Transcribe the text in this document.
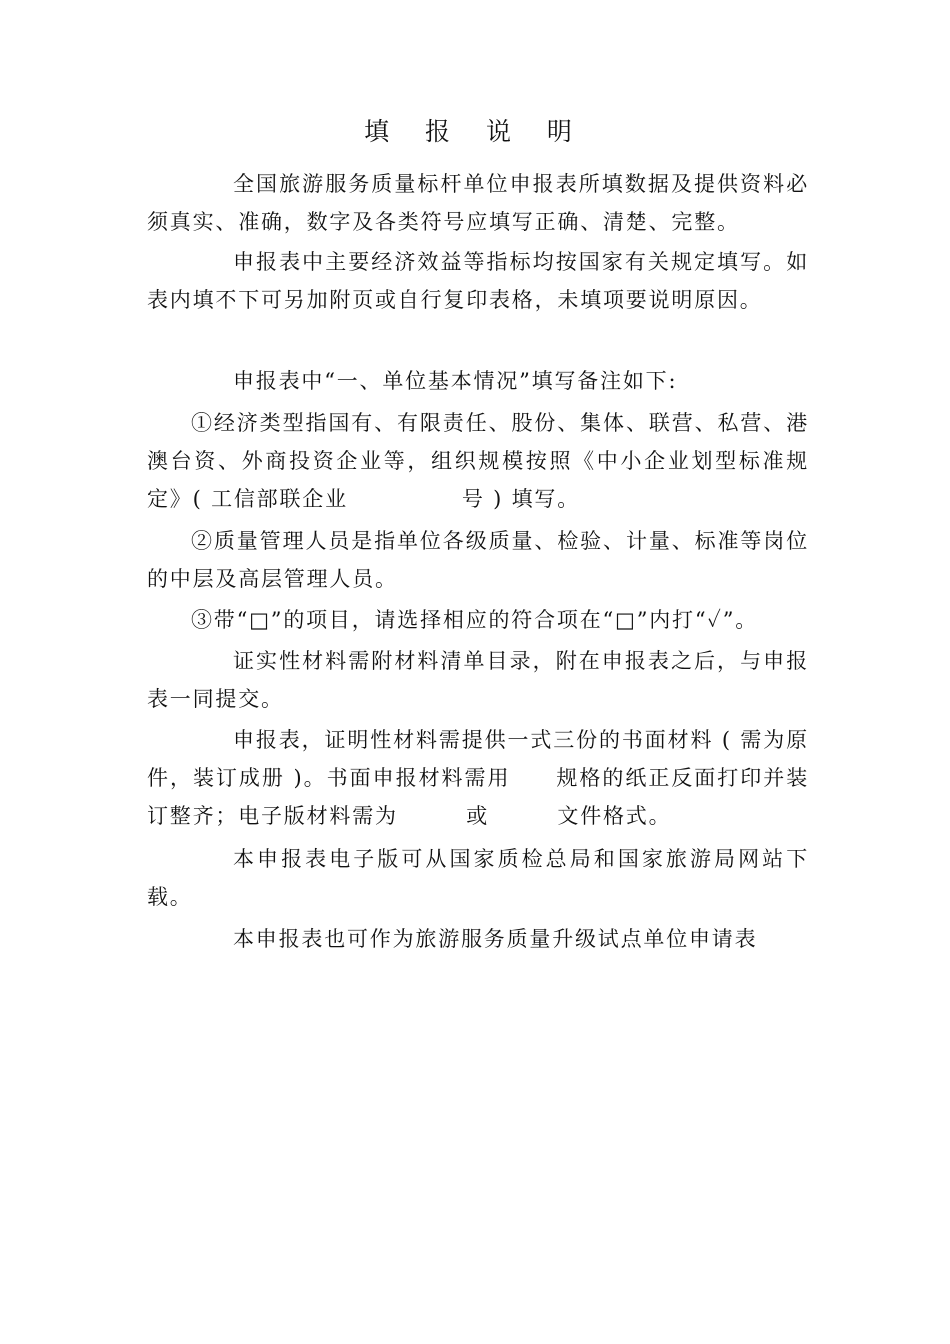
填 报 说 明

全国旅游服务质量标杆单位申报表所填数据及提供资料必须真实、准确，数字及各类符号应填写正确、清楚、完整。

申报表中主要经济效益等指标均按国家有关规定填写。如表内填不下可另加附页或自行复印表格，未填项要说明原因。

申报表中“一、单位基本情况”填写备注如下:

①经济类型指国有、有限责任、股份、集体、联营、私营、港澳台资、外商投资企业等，组织规模按照《中小企业划型标准规定》( 工信部联企业　　　　　号 ) 填写。

②质量管理人员是指单位各级质量、检验、计量、标准等岗位的中层及高层管理人员。

③带“□”的项目，请选择相应的符合项在“□”内打“✓”。

证实性材料需附材料清单目录，附在申报表之后，与申报表一同提交。

申报表，证明性材料需提供一式三份的书面材料 ( 需为原件，装订成册 )。书面申报材料需用　　规格的纸正反面打印并装订整齐；电子版材料需为　　　或　　　文件格式。

本申报表电子版可从国家质检总局和国家旅游局网站下载。

本申报表也可作为旅游服务质量升级试点单位申请表
